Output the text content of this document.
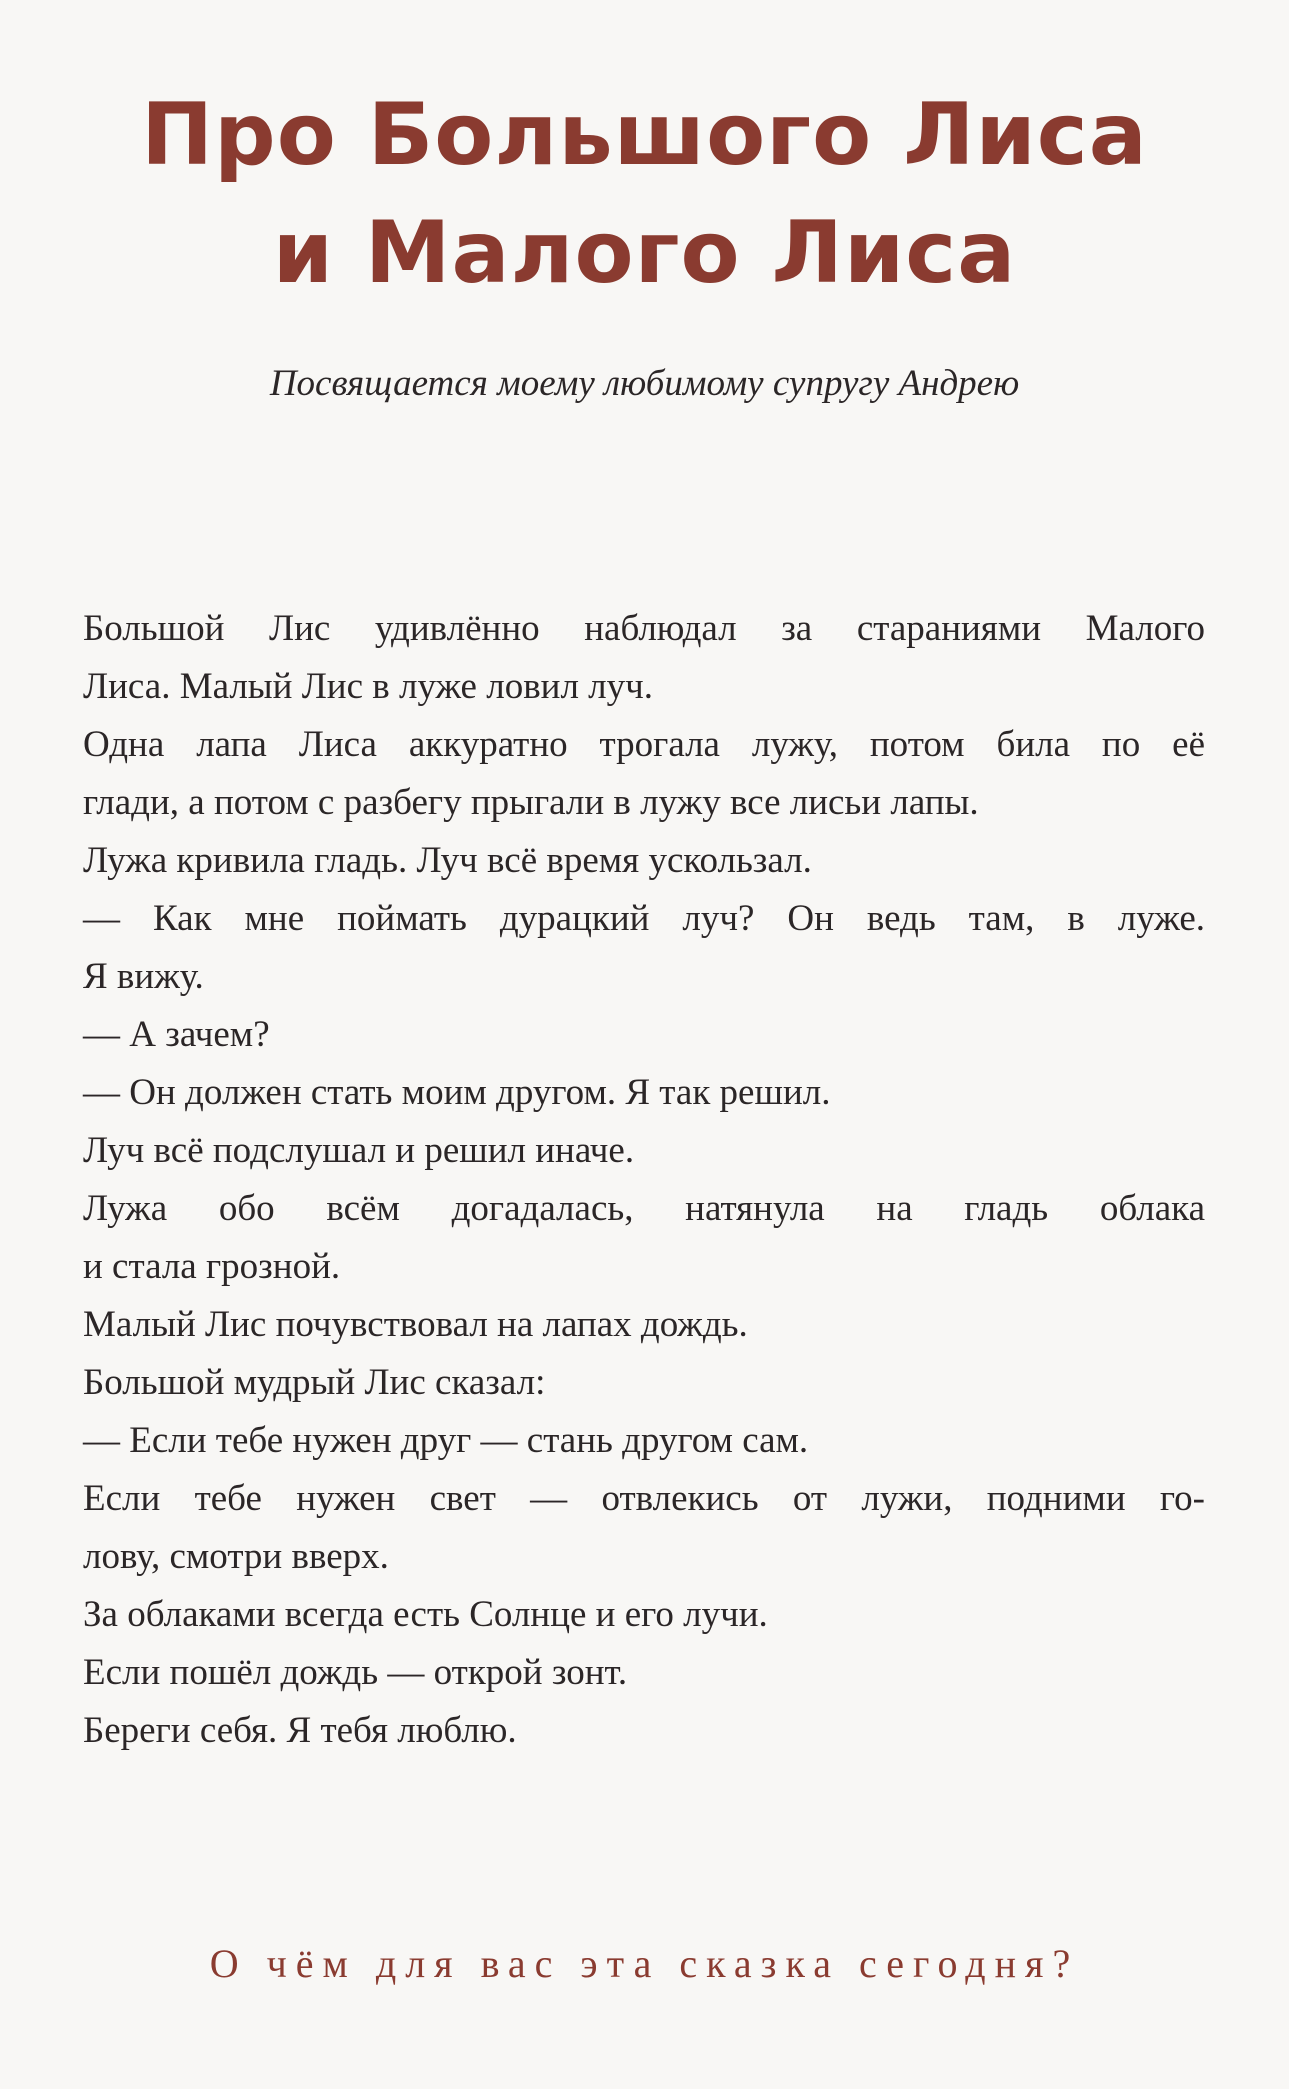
Про Большого Лиса
и Малого Лиса
Посвящается моему любимому супругу Андрею
Большой Лис удивлённо наблюдал за стараниями Малого
Лиса. Малый Лис в луже ловил луч.
Одна лапа Лиса аккуратно трогала лужу, потом била по её
глади, а потом с разбегу прыгали в лужу все лисьи лапы.
Лужа кривила гладь. Луч всё время ускользал.
— Как мне поймать дурацкий луч? Он ведь там, в луже.
Я вижу.
— А зачем?
— Он должен стать моим другом. Я так решил.
Луч всё подслушал и решил иначе.
Лужа обо всём догадалась, натянула на гладь облака
и стала грозной.
Малый Лис почувствовал на лапах дождь.
Большой мудрый Лис сказал:
— Если тебе нужен друг — стань другом сам.
Если тебе нужен свет — отвлекись от лужи, подними го-
лову, смотри вверх.
За облаками всегда есть Солнце и его лучи.
Если пошёл дождь — открой зонт.
Береги себя. Я тебя люблю.
О чём для вас эта сказка сегодня?
